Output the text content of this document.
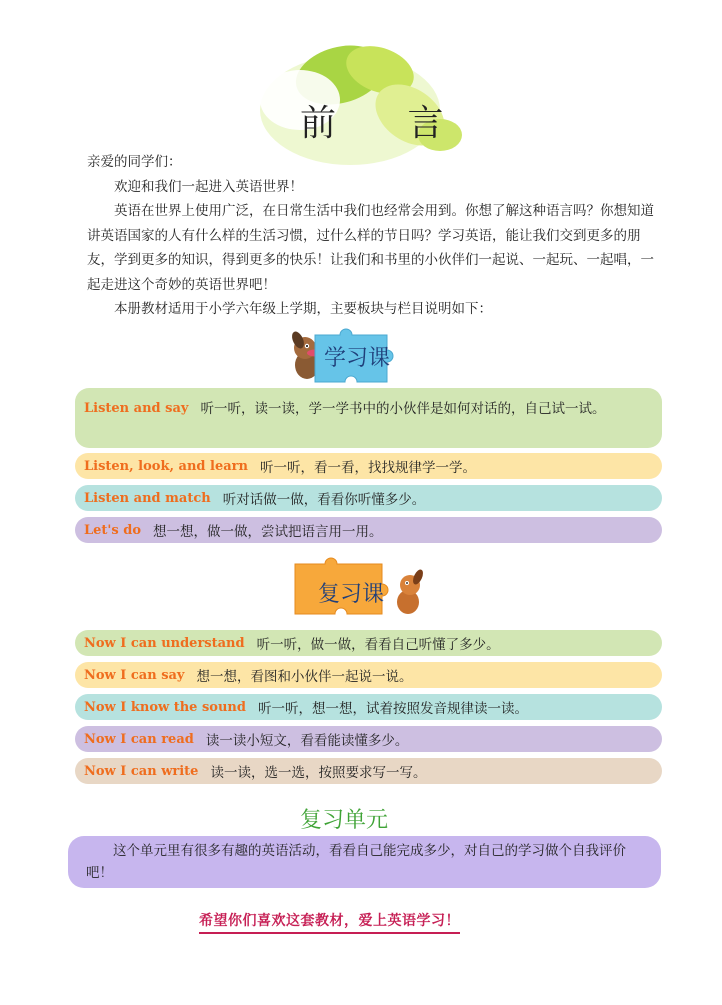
前 言

亲爱的同学们：

欢迎和我们一起进入英语世界！

英语在世界上使用广泛，在日常生活中我们也经常会用到。你想了解这种语言吗？你想知道讲英语国家的人有什么样的生活习惯，过什么样的节日吗？学习英语，能让我们交到更多的朋友，学到更多的知识，得到更多的快乐！让我们和书里的小伙伴们一起说、一起玩、一起唱，一起走进这个奇妙的英语世界吧！

本册教材适用于小学六年级上学期，主要板块与栏目说明如下：

学习课
Listen and say 听一听，读一读，学一学书中的小伙伴是如何对话的，自己试一试。
Listen, look, and learn 听一听，看一看，找找规律学一学。
Listen and match 听对话做一做，看看你听懂多少。
Let's do 想一想，做一做，尝试把语言用一用。
复习课
Now I can understand 听一听，做一做，看看自己听懂了多少。
Now I can say 想一想，看图和小伙伴一起说一说。
Now I know the sound 听一听，想一想，试着按照发音规律读一读。
Now I can read 读一读小短文，看看能读懂多少。
Now I can write 读一读，选一选，按照要求写一写。
复习单元
这个单元里有很多有趣的英语活动，看看自己能完成多少，对自己的学习做个自我评价吧！
希望你们喜欢这套教材，爱上英语学习！
